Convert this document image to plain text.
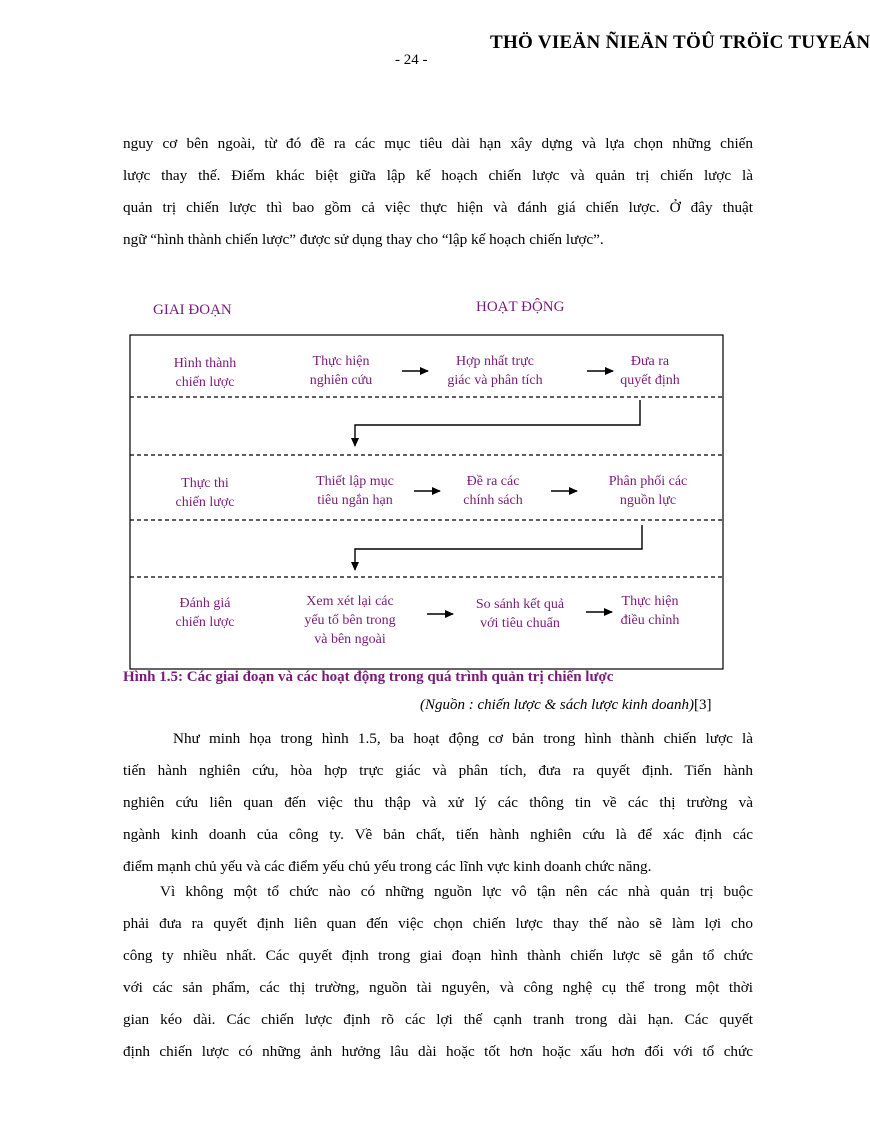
THÖ VIEÄN ÑIEÄN TÖÛ TRÖÏC TUYEÁN
- 24 -
nguy cơ bên ngoài, từ đó đề ra các mục tiêu dài hạn xây dựng và lựa chọn những chiến
lược thay thế. Điểm khác biệt giữa lập kế hoạch chiến lược và quản trị chiến lược là
quản trị chiến lược thì bao gồm cả việc thực hiện và đánh giá chiến lược. Ở đây thuật
ngữ “hình thành chiến lược” được sử dụng thay cho “lập kế hoạch chiến lược”.
GIAI ĐOẠN	HOẠT ĐỘNG
Hình thành
chiến lược
Thực hiện
nghiên cứu
Hợp nhất trực
giác và phân tích
Đưa ra
quyết định
Thực thi
chiến lược
Thiết lập mục
tiêu ngắn hạn
Đề ra các
chính sách
Phân phối các
nguồn lực
Đánh giá
chiến lược
Xem xét lại các
yếu tố bên trong
và bên ngoài
So sánh kết quả
với tiêu chuẩn
Thực hiện
điều chỉnh
Hình 1.5: Các giai đoạn và các hoạt động trong quá trình quản trị chiến lược
(Nguồn : chiến lược & sách lược kinh doanh)[3]
Như minh họa trong hình 1.5, ba hoạt động cơ bản trong hình thành chiến lược là
tiến hành nghiên cứu, hòa hợp trực giác và phân tích, đưa ra quyết định. Tiến hành
nghiên cứu liên quan đến việc thu thập và xử lý các thông tin về các thị trường và
ngành kinh doanh của công ty. Về bản chất, tiến hành nghiên cứu là để xác định các
điểm mạnh chủ yếu và các điểm yếu chủ yếu trong các lĩnh vực kinh doanh chức năng.
Vì không một tổ chức nào có những nguồn lực vô tận nên các nhà quản trị buộc
phải đưa ra quyết định liên quan đến việc chọn chiến lược thay thế nào sẽ làm lợi cho
công ty nhiều nhất. Các quyết định trong giai đoạn hình thành chiến lược sẽ gắn tổ chức
với các sản phẩm, các thị trường, nguồn tài nguyên, và công nghệ cụ thể trong một thời
gian kéo dài. Các chiến lược định rõ các lợi thế cạnh tranh trong dài hạn. Các quyết
định chiến lược có những ảnh hưởng lâu dài hoặc tốt hơn hoặc xấu hơn đối với tổ chức
